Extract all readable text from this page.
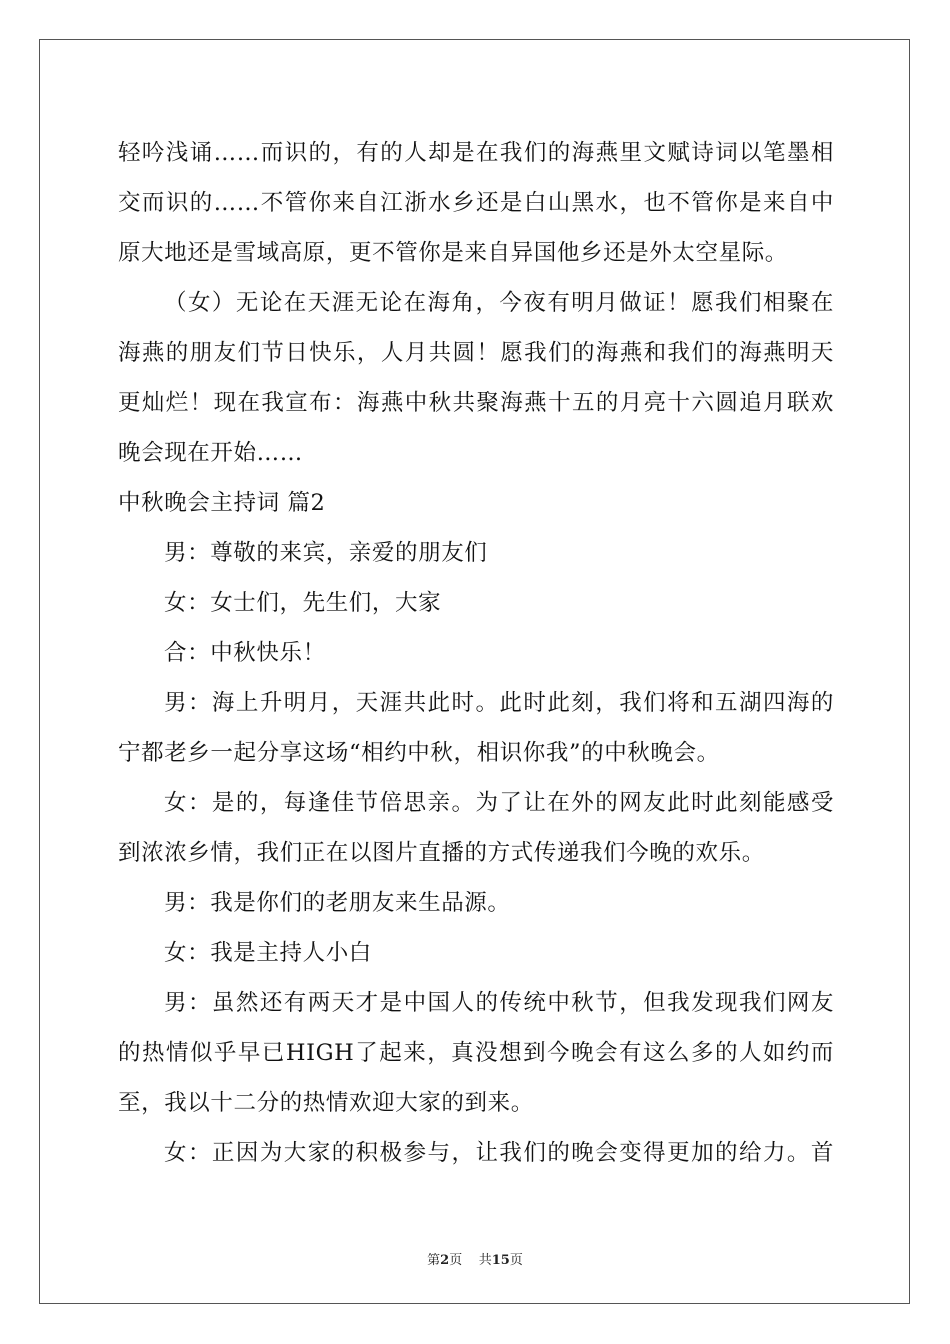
轻吟浅诵……而识的，有的人却是在我们的海燕里文赋诗词以笔墨相

交而识的……不管你来自江浙水乡还是白山黑水，也不管你是来自中

原大地还是雪域高原，更不管你是来自异国他乡还是外太空星际。

（女）无论在天涯无论在海角，今夜有明月做证！愿我们相聚在

海燕的朋友们节日快乐，人月共圆！愿我们的海燕和我们的海燕明天

更灿烂！现在我宣布：海燕中秋共聚海燕十五的月亮十六圆追月联欢

晚会现在开始……

中秋晚会主持词 篇2

男：尊敬的来宾，亲爱的朋友们

女：女士们，先生们，大家

合：中秋快乐！

男：海上升明月，天涯共此时。此时此刻，我们将和五湖四海的

宁都老乡一起分享这场“相约中秋，相识你我”的中秋晚会。

女：是的，每逢佳节倍思亲。为了让在外的网友此时此刻能感受

到浓浓乡情，我们正在以图片直播的方式传递我们今晚的欢乐。

男：我是你们的老朋友来生品源。

女：我是主持人小白

男：虽然还有两天才是中国人的传统中秋节，但我发现我们网友

的热情似乎早已HIGH了起来，真没想到今晚会有这么多的人如约而

至，我以十二分的热情欢迎大家的到来。

女：正因为大家的积极参与，让我们的晚会变得更加的给力。首

第2页 共15页
